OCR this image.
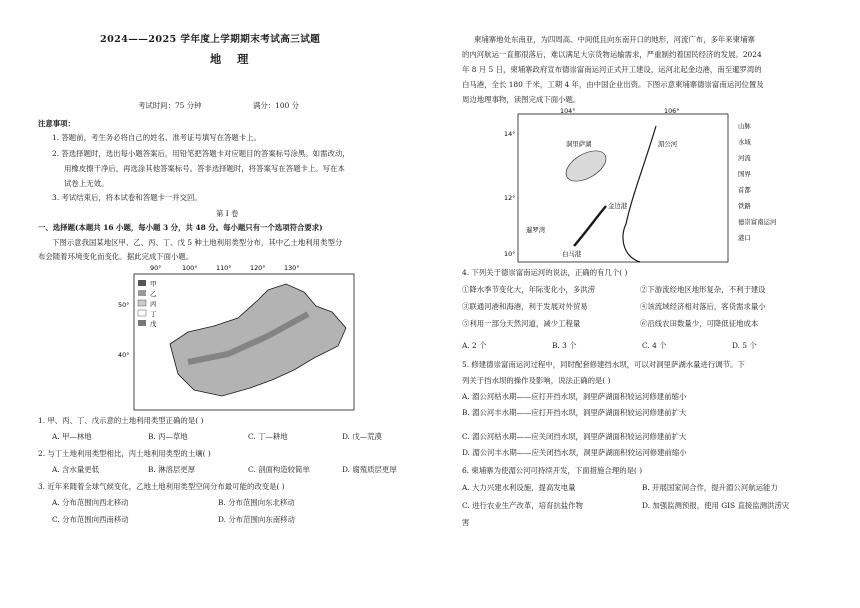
2024——2025 学年度上学期期末考试高三试题
地 理
考试时间：75 分钟	满分：100 分
注意事项：
1. 答题前，考生务必将自己的姓名、准考证号填写在答题卡上。
2. 答选择题时，选出每小题答案后，用铅笔把答题卡对应题目的答案标号涂黑。如需改动，
用橡皮擦干净后，再选涂其他答案标号。答非选择题时，将答案写在答题卡上。写在本
试卷上无效。
3. 考试结束后，将本试卷和答题卡一并交回。
第 I 卷
一、选择题(本题共 16 小题，每小题 3 分，共 48 分。每小题只有一个选项符合要求)
下图示意我国某地区甲、乙、丙、丁、戊 5 种土地利用类型分布，其中乙土地利用类型分
布会随着环境变化而变化。据此完成下面小题。
90°	100°	110°	120°	130°
50°
40°
甲
乙
丙
丁
戊
1. 甲、丙、丁、戊示意的土地利用类型正确的是( )
A. 甲—林地	B. 丙—草地	C. 丁—耕地	D. 戊—荒漠
2. 与丁土地利用类型相比，丙土地利用类型的土壤( )
A. 含水量更低	B. 淋溶层更厚	C. 剖面构造较简单	D. 腐殖质层更厚
3. 近年来随着全球气候变化，乙地土地利用类型空间分布最可能的改变是( )
A. 分布范围向西北移动	B. 分布范围向东北移动
C. 分布范围向西南移动	D. 分布范围向东南移动
柬埔寨地处东南亚，为四周高、中间低且向东南开口的地形，河流广布，多年来柬埔寨
的内河航运一直都很落后，难以满足大宗货物运输需求，严重制约着国民经济的发展。2024
年 8 月 5 日，柬埔寨政府宣布德崇富南运河正式开工建设，运河北起金边港，南至暹罗湾的
白马港，全长 180 千米，工期 4 年，由中国企业出资。下图示意柬埔寨德崇富南运河位置及
周边地理事物，读图完成下面小题。
104°	106°
14°
12°
10°
洞里萨湖	湄公河
金边港
暹罗湾
白马港
山脉
水域
河流
国界
首都
铁路
德崇富南运河
港口
4. 下列关于德崇富南运河的说法，正确的有几个( )
①降水季节变化大，年际变化小，多洪涝	②下游流经地区地形复杂，不利于建设
③联通河港和海港，利于发展对外贸易	④该流域经济相对落后，客货需求量小
⑤利用一部分天然河道，减少工程量	⑥沿线农田数量少，可降低征地成本
A. 2 个	B. 3 个	C. 4 个	D. 5 个
5. 修建德崇富南运河过程中，同时配套修建挡水坝，可以对洞里萨湖水量进行调节。下
列关于挡水坝的操作及影响，说法正确的是( )
A. 湄公河枯水期——应打开挡水坝，洞里萨湖面积较运河修建前缩小
B. 湄公河丰水期——应打开挡水坝，洞里萨湖面积较运河修建前扩大
C. 湄公河枯水期——应关闭挡水坝，洞里萨湖面积较运河修建前扩大
D. 湄公河丰水期——应关闭挡水坝，洞里萨湖面积较运河修建前缩小
6. 柬埔寨为使湄公河可持续开发，下面措施合理的是( )
A. 大力兴建水利设施，提高发电量	B. 开展国家间合作，提升湄公河航运能力
C. 进行农业生产改革，培育抗盐作物	D. 加强监测预报，使用 GIS 直接监测洪涝灾
害
